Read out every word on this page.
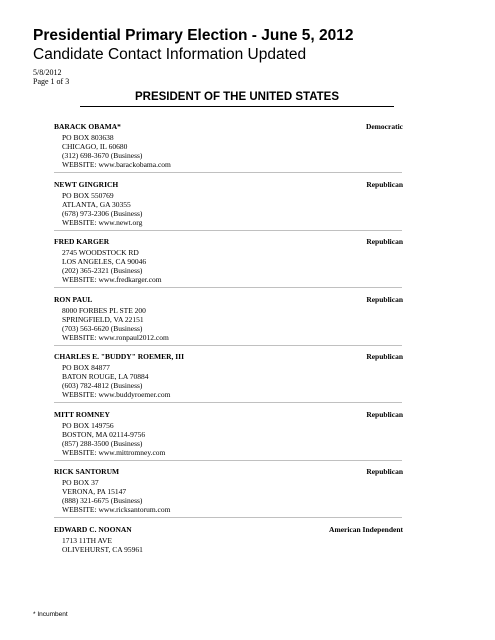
Presidential Primary Election - June 5, 2012
Candidate Contact Information Updated
5/8/2012
Page 1 of 3
PRESIDENT OF THE UNITED STATES
BARACK OBAMA*	Democratic
PO BOX 803638
CHICAGO, IL 60680
(312) 698-3670 (Business)
WEBSITE: www.barackobama.com
NEWT GINGRICH	Republican
PO BOX 550769
ATLANTA, GA 30355
(678) 973-2306 (Business)
WEBSITE: www.newt.org
FRED KARGER	Republican
2745 WOODSTOCK RD
LOS ANGELES, CA 90046
(202) 365-2321 (Business)
WEBSITE: www.fredkarger.com
RON PAUL	Republican
8000 FORBES PL STE 200
SPRINGFIELD, VA 22151
(703) 563-6620 (Business)
WEBSITE: www.ronpaul2012.com
CHARLES E. "BUDDY" ROEMER, III	Republican
PO BOX 84877
BATON ROUGE, LA 70884
(603) 782-4812 (Business)
WEBSITE: www.buddyroemer.com
MITT ROMNEY	Republican
PO BOX 149756
BOSTON, MA 02114-9756
(857) 288-3500 (Business)
WEBSITE: www.mittromney.com
RICK SANTORUM	Republican
PO BOX 37
VERONA, PA 15147
(888) 321-6675 (Business)
WEBSITE: www.ricksantorum.com
EDWARD C. NOONAN	American Independent
1713 11TH AVE
OLIVEHURST, CA 95961
* Incumbent
